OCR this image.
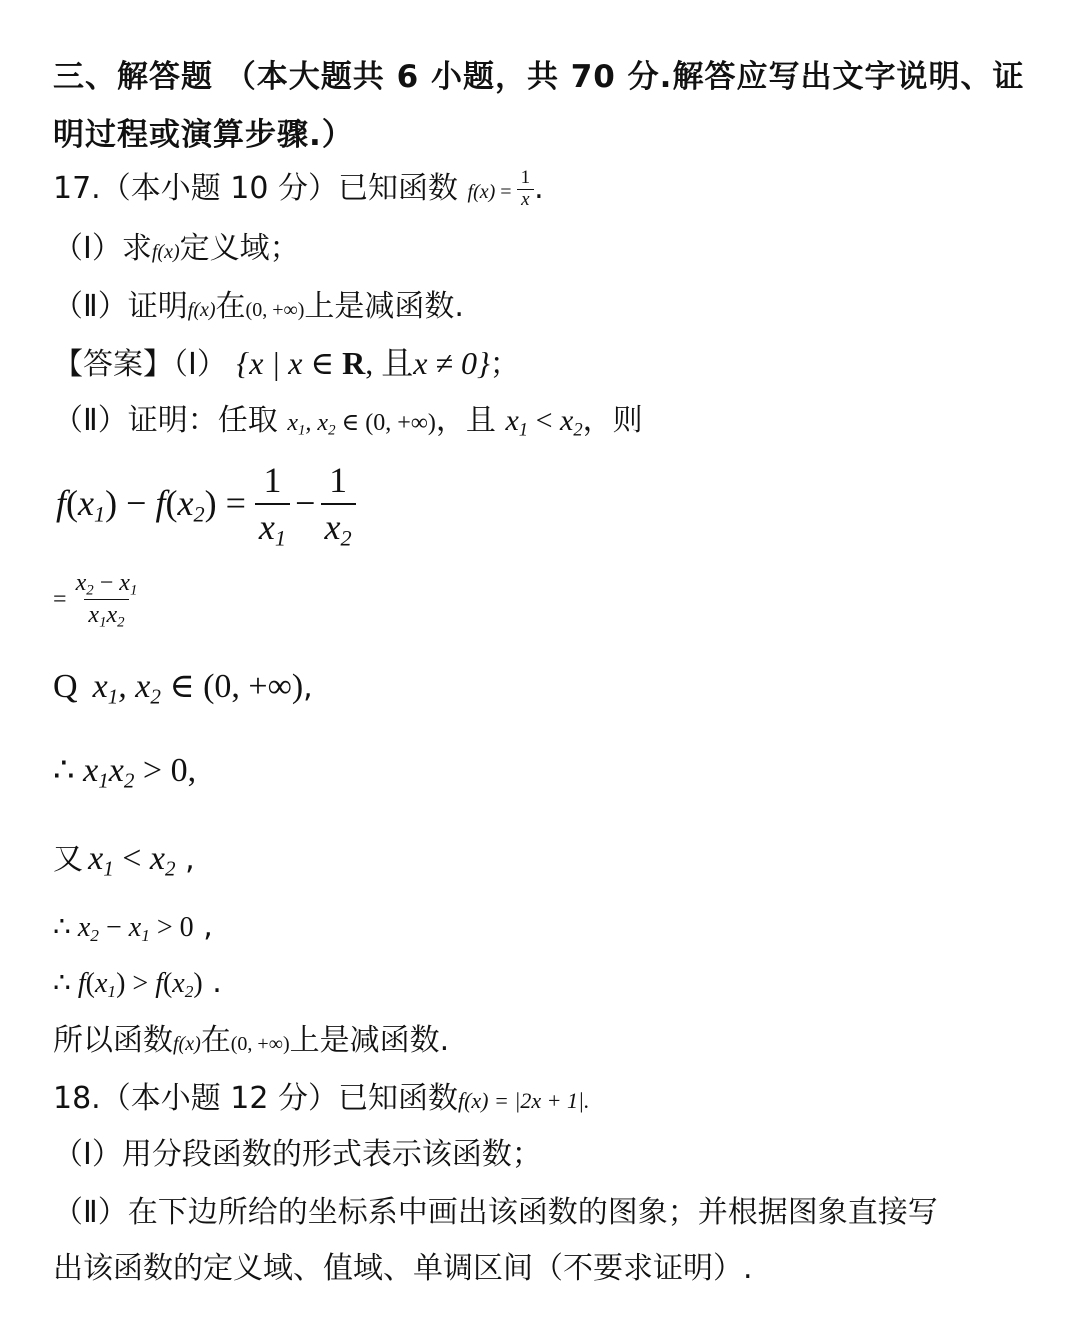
三、解答题 （本大题共 6 小题，共 70 分.解答应写出文字说明、证
明过程或演算步骤.）
17.（本小题 10 分）已知函数 $f(x) = \frac{1}{x}$ .
（Ⅰ）求f(x)定义域；
（Ⅱ）证明f(x)在(0, +∞)上是减函数.
【答案】（Ⅰ） {x | x ∈ R, 且x ≠ 0}；
（Ⅱ）证明：任取 $x_1$, $x_2$ ∈ (0, +∞)，且 $x_1 < x_2$，则
$f(x_1) - f(x_2) = \frac{1}{x_1} - \frac{1}{x_2}$
= $\frac{x_2 - x_1}{x_1x_2}$
Q $x_1$, $x_2$ ∈ (0, +∞),
∴ $x_1x_2 > 0$,
又 $x_1 < x_2$ ,
∴ $x_2 - x_1 > 0$ ,
∴ $f(x_1) > f(x_2)$ .
所以函数f(x)在(0, +∞)上是减函数.
18.（本小题 12 分）已知函数f(x) = |2x + 1|.
（Ⅰ）用分段函数的形式表示该函数；
（Ⅱ）在下边所给的坐标系中画出该函数的图象；并根据图象直接写
出该函数的定义域、值域、单调区间（不要求证明）.
